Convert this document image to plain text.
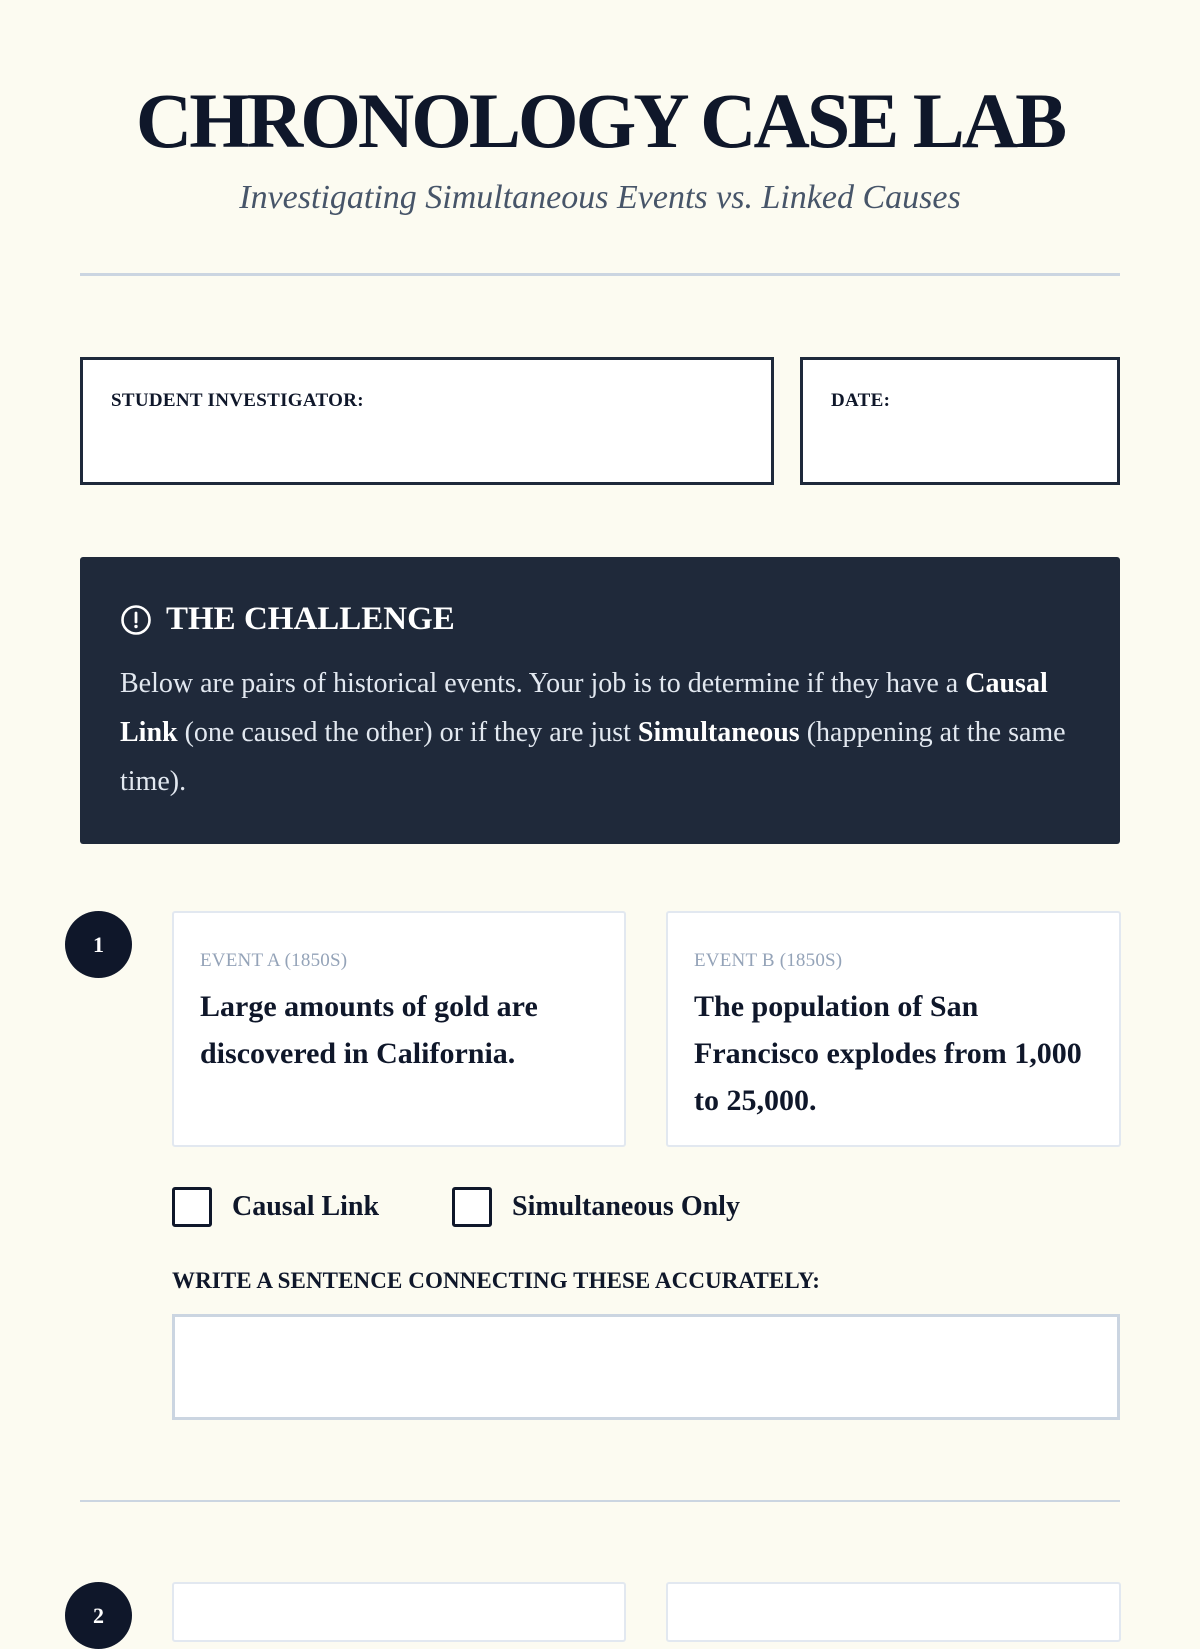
CHRONOLOGY CASE LAB
Investigating Simultaneous Events vs. Linked Causes
STUDENT INVESTIGATOR:	DATE:
THE CHALLENGE
Below are pairs of historical events. Your job is to determine if they have a Causal Link (one caused the other) or if they are just Simultaneous (happening at the same time).
1
EVENT A (1850S)
Large amounts of gold are discovered in California.
EVENT B (1850S)
The population of San Francisco explodes from 1,000 to 25,000.
Causal Link	Simultaneous Only
WRITE A SENTENCE CONNECTING THESE ACCURATELY:
2
